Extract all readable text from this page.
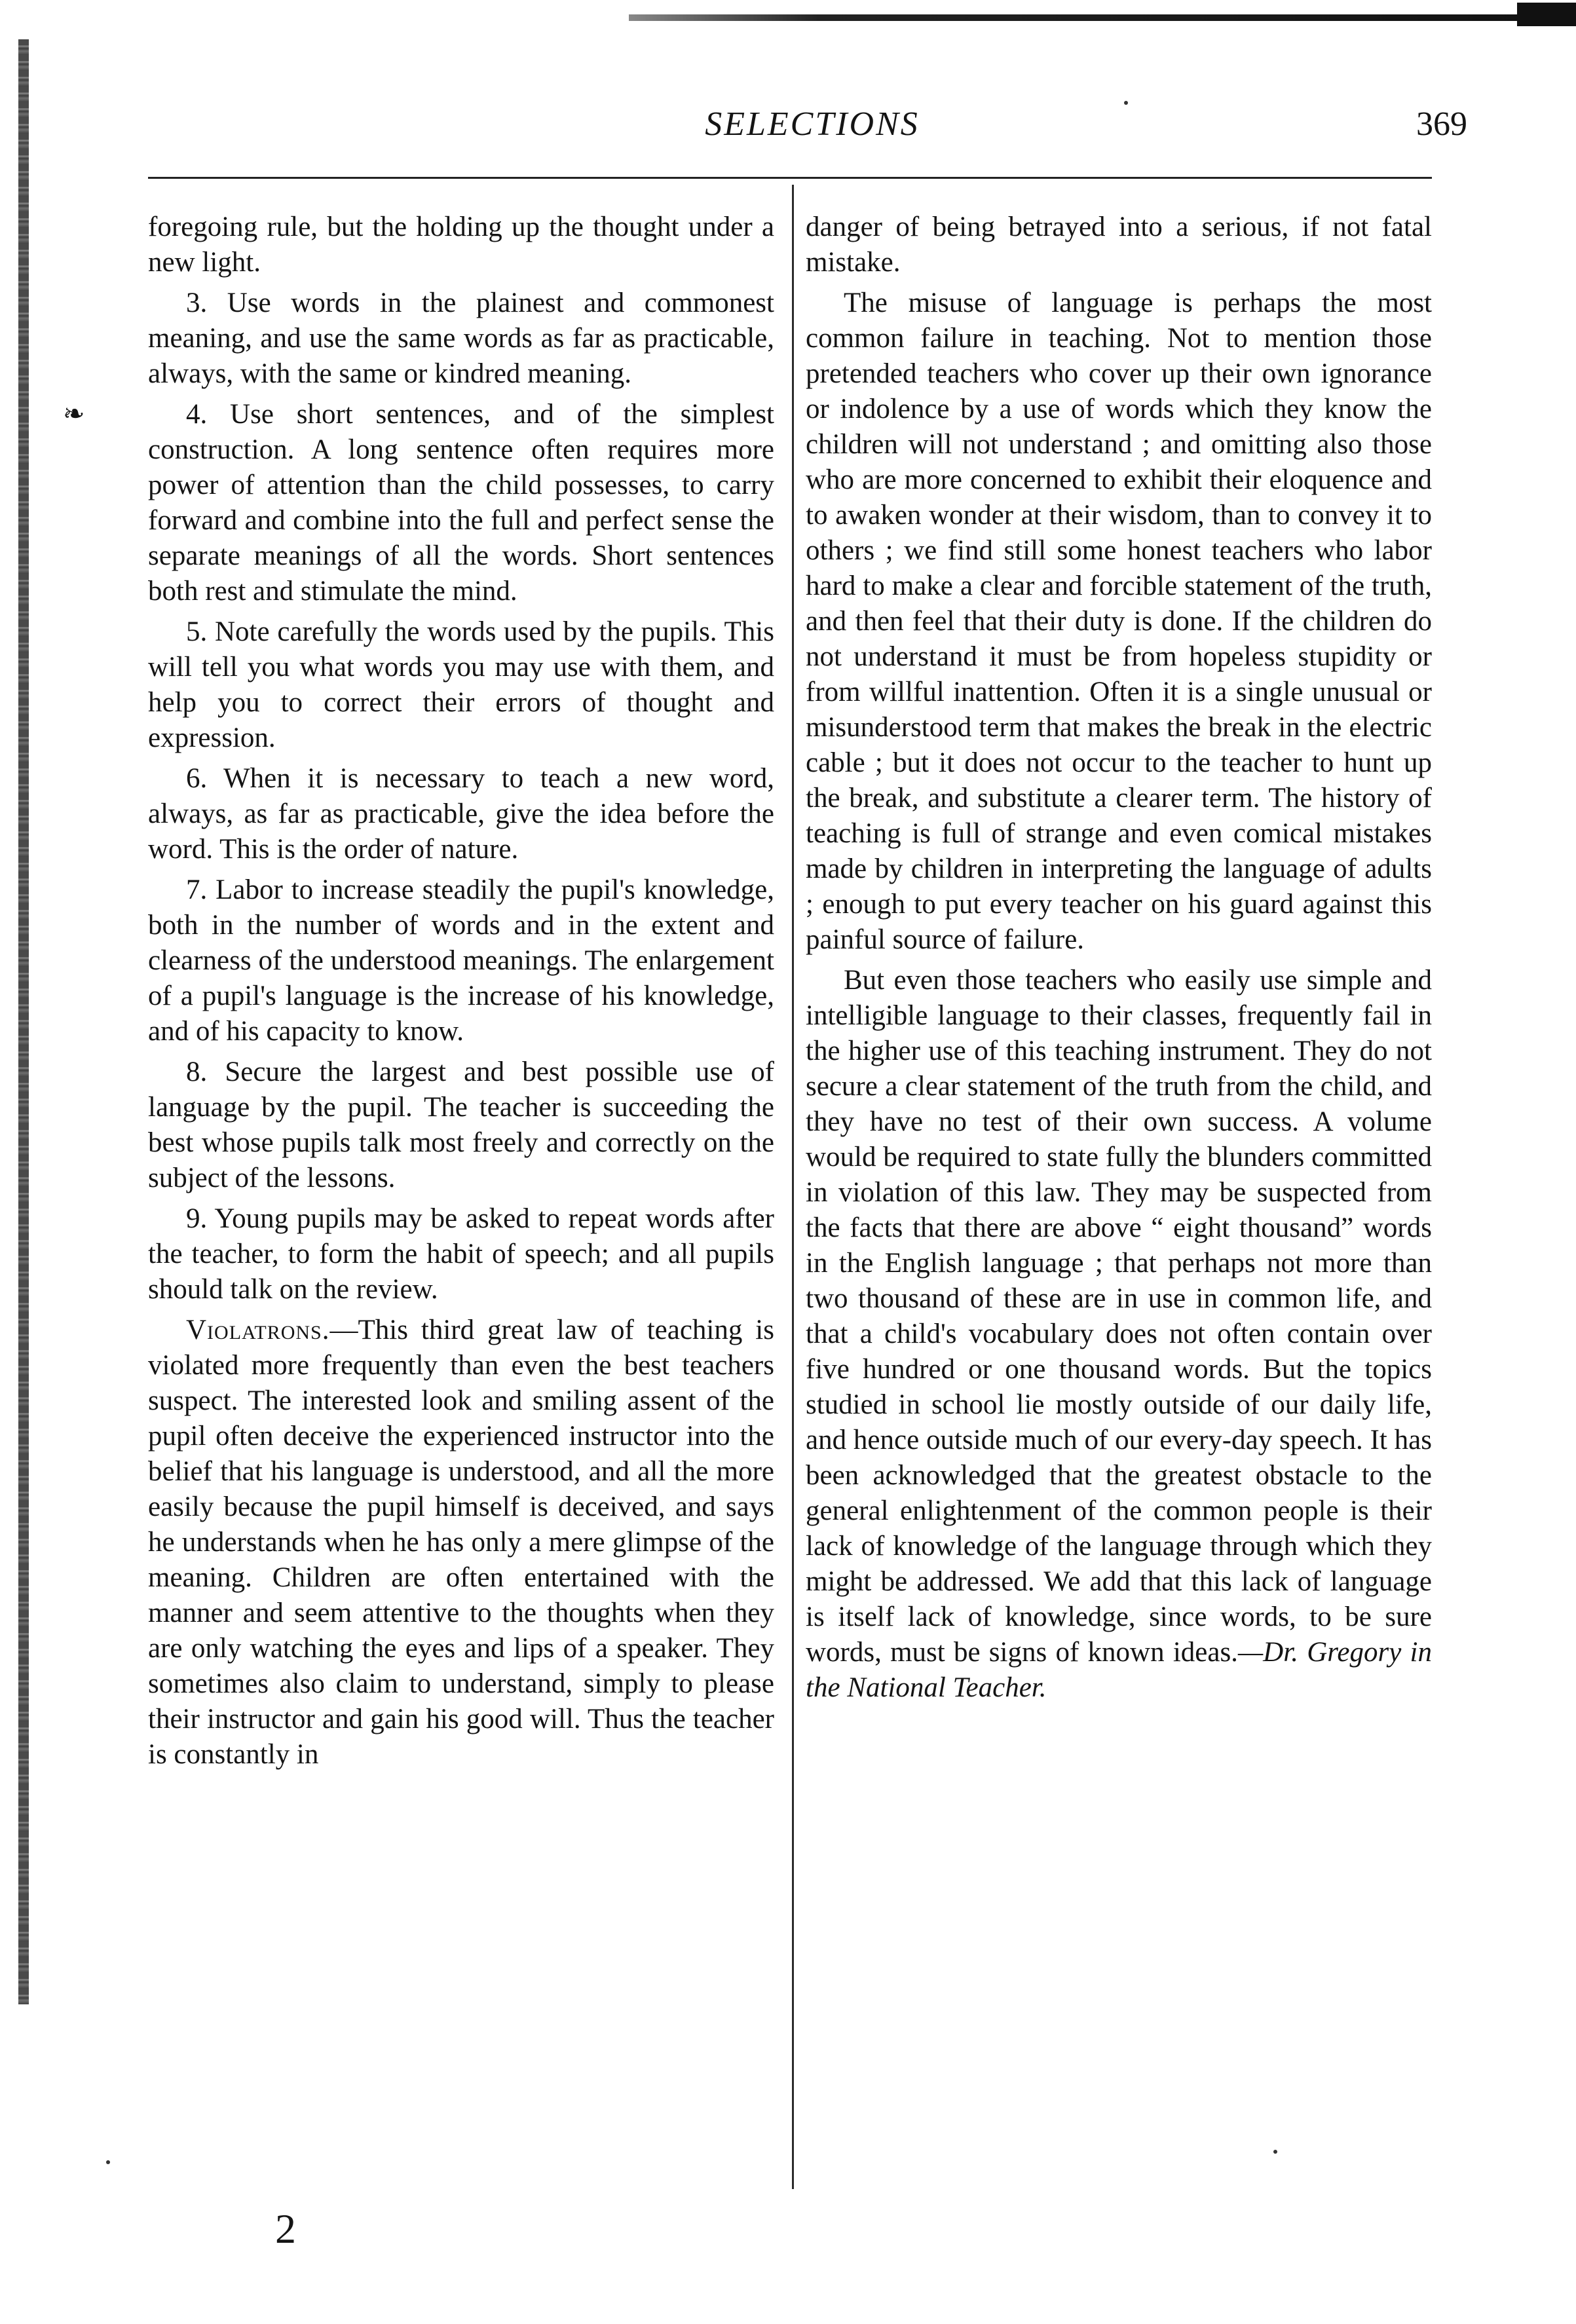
SELECTIONS	369
❧

foregoing rule, but the holding up the thought under a new light.

3. Use words in the plainest and commonest meaning, and use the same words as far as practicable, always, with the same or kindred meaning.

4. Use short sentences, and of the simplest construction. A long sentence often requires more power of attention than the child possesses, to carry forward and combine into the full and perfect sense the separate meanings of all the words. Short sentences both rest and stimulate the mind.

5. Note carefully the words used by the pupils. This will tell you what words you may use with them, and help you to correct their errors of thought and expression.

6. When it is necessary to teach a new word, always, as far as practicable, give the idea before the word. This is the order of nature.

7. Labor to increase steadily the pupil's knowledge, both in the number of words and in the extent and clearness of the understood meanings. The enlargement of a pupil's language is the increase of his knowledge, and of his capacity to know.

8. Secure the largest and best possible use of language by the pupil. The teacher is succeeding the best whose pupils talk most freely and correctly on the subject of the lessons.

9. Young pupils may be asked to repeat words after the teacher, to form the habit of speech; and all pupils should talk on the review.

Violatrons.—This third great law of teaching is violated more frequently than even the best teachers suspect. The interested look and smiling assent of the pupil often deceive the experienced instructor into the belief that his language is understood, and all the more easily because the pupil himself is deceived, and says he understands when he has only a mere glimpse of the meaning. Children are often entertained with the manner and seem attentive to the thoughts when they are only watching the eyes and lips of a speaker. They sometimes also claim to understand, simply to please their instructor and gain his good will. Thus the teacher is constantly in

danger of being betrayed into a serious, if not fatal mistake.

The misuse of language is perhaps the most common failure in teaching. Not to mention those pretended teachers who cover up their own ignorance or indolence by a use of words which they know the children will not understand ; and omitting also those who are more concerned to exhibit their eloquence and to awaken wonder at their wisdom, than to convey it to others ; we find still some honest teachers who labor hard to make a clear and forcible statement of the truth, and then feel that their duty is done. If the children do not understand it must be from hopeless stupidity or from willful inattention. Often it is a single unusual or misunderstood term that makes the break in the electric cable ; but it does not occur to the teacher to hunt up the break, and substitute a clearer term. The history of teaching is full of strange and even comical mistakes made by children in interpreting the language of adults ; enough to put every teacher on his guard against this painful source of failure.

But even those teachers who easily use simple and intelligible language to their classes, frequently fail in the higher use of this teaching instrument. They do not secure a clear statement of the truth from the child, and they have no test of their own success. A volume would be required to state fully the blunders committed in violation of this law. They may be suspected from the facts that there are above “ eight thousand” words in the English language ; that perhaps not more than two thousand of these are in use in common life, and that a child's vocabulary does not often contain over five hundred or one thousand words. But the topics studied in school lie mostly outside of our daily life, and hence outside much of our every-day speech. It has been acknowledged that the greatest obstacle to the general enlightenment of the common people is their lack of knowledge of the language through which they might be addressed. We add that this lack of language is itself lack of knowledge, since words, to be sure words, must be signs of known ideas.—Dr. Gregory in the National Teacher.

2
